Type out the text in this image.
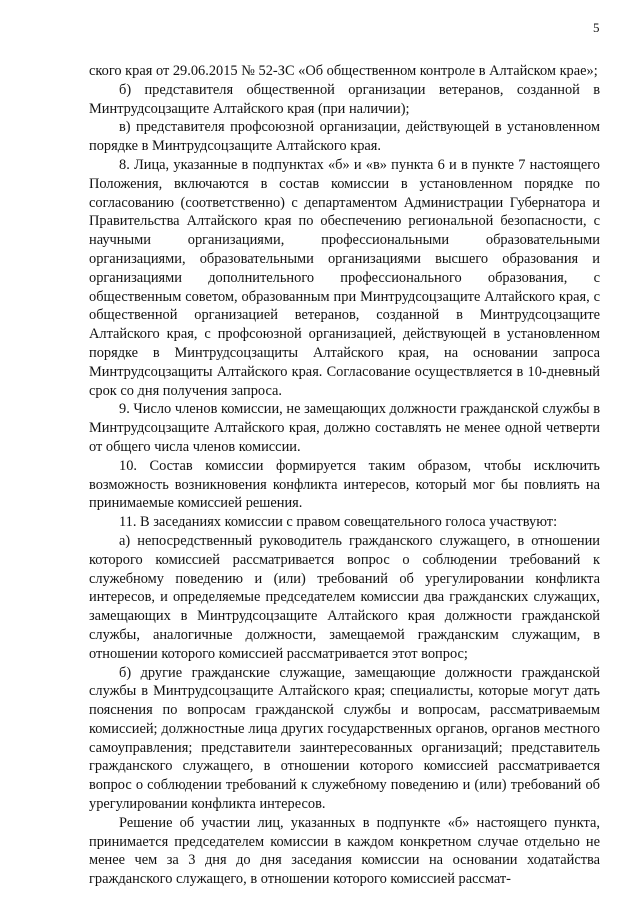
5

ского края от 29.06.2015 № 52-ЗС «Об общественном контроле в Алтайском крае»;

б) представителя общественной организации ветеранов, созданной в Минтрудсоцзащите Алтайского края (при наличии);

в) представителя профсоюзной организации, действующей в установленном порядке в Минтрудсоцзащите Алтайского края.

8. Лица, указанные в подпунктах «б» и «в» пункта 6 и в пункте 7 настоящего Положения, включаются в состав комиссии в установленном порядке по согласованию (соответственно) с департаментом Администрации Губернатора и Правительства Алтайского края по обеспечению региональной безопасности, с научными организациями, профессиональными образовательными организациями, образовательными организациями высшего образования и организациями дополнительного профессионального образования, с общественным советом, образованным при Минтрудсоцзащите Алтайского края, с общественной организацией ветеранов, созданной в Минтрудсоцзащите Алтайского края, с профсоюзной организацией, действующей в установленном порядке в Минтрудсоцзащиты Алтайского края, на основании запроса Минтрудсоцзащиты Алтайского края. Согласование осуществляется в 10-дневный срок со дня получения запроса.

9. Число членов комиссии, не замещающих должности гражданской службы в Минтрудсоцзащите Алтайского края, должно составлять не менее одной четверти от общего числа членов комиссии.

10. Состав комиссии формируется таким образом, чтобы исключить возможность возникновения конфликта интересов, который мог бы повлиять на принимаемые комиссией решения.

11. В заседаниях комиссии с правом совещательного голоса участвуют:

а) непосредственный руководитель гражданского служащего, в отношении которого комиссией рассматривается вопрос о соблюдении требований к служебному поведению и (или) требований об урегулировании конфликта интересов, и определяемые председателем комиссии два гражданских служащих, замещающих в Минтрудсоцзащите Алтайского края должности гражданской службы, аналогичные должности, замещаемой гражданским служащим, в отношении которого комиссией рассматривается этот вопрос;

б) другие гражданские служащие, замещающие должности гражданской службы в Минтрудсоцзащите Алтайского края; специалисты, которые могут дать пояснения по вопросам гражданской службы и вопросам, рассматриваемым комиссией; должностные лица других государственных органов, органов местного самоуправления; представители заинтересованных организаций; представитель гражданского служащего, в отношении которого комиссией рассматривается вопрос о соблюдении требований к служебному поведению и (или) требований об урегулировании конфликта интересов.

Решение об участии лиц, указанных в подпункте «б» настоящего пункта, принимается председателем комиссии в каждом конкретном случае отдельно не менее чем за 3 дня до дня заседания комиссии на основании ходатайства гражданского служащего, в отношении которого комиссией рассмат-
